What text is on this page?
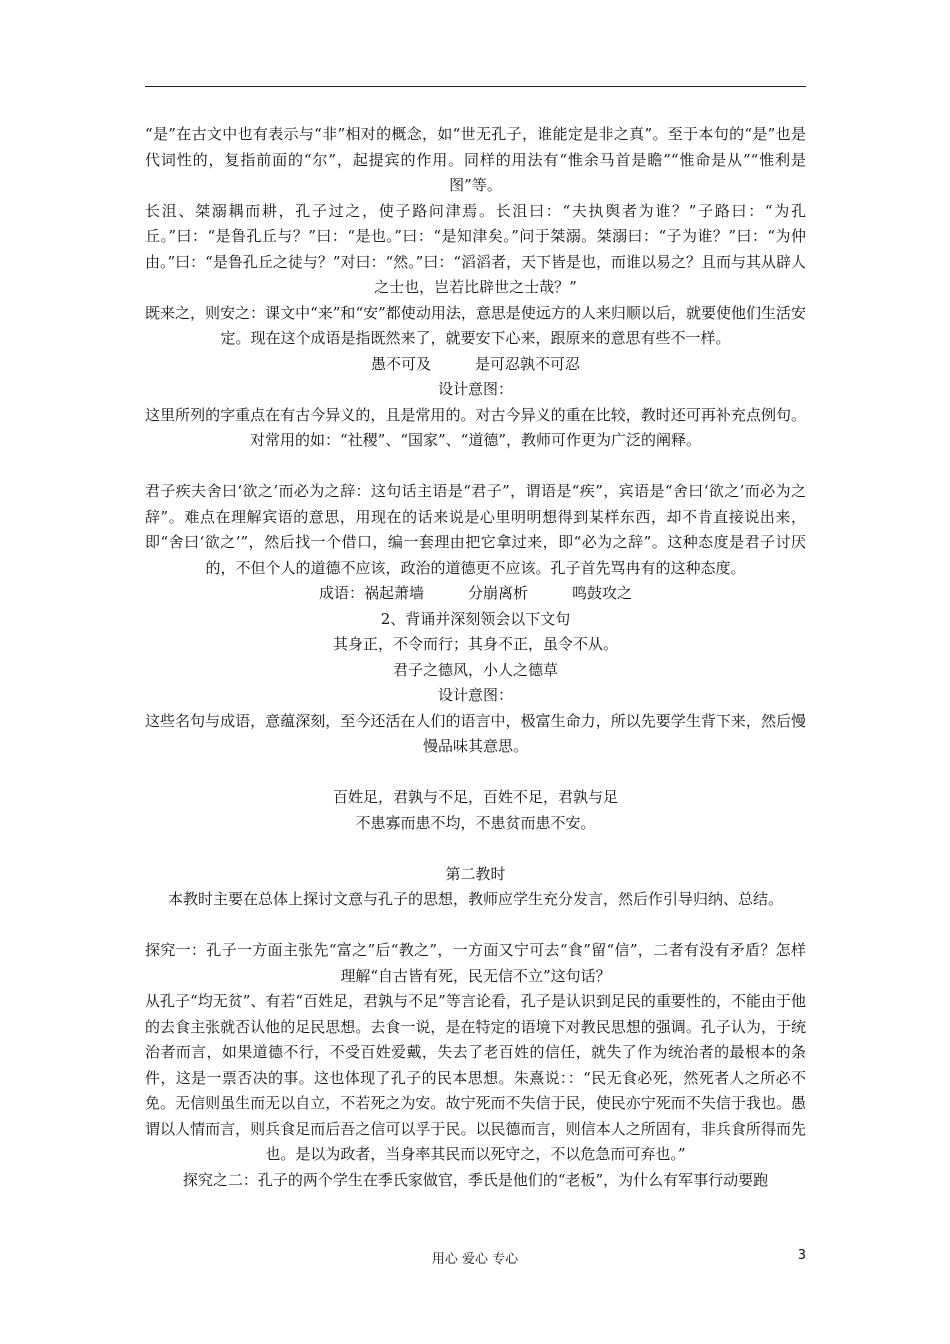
“是”在古文中也有表示与“非”相对的概念，如“世无孔子，谁能定是非之真”。至于本句的“是”也是代词性的，复指前面的“尔”，起提宾的作用。同样的用法有“惟余马首是瞻”“惟命是从”“惟利是图”等。

长沮、桀溺耦而耕，孔子过之，使子路问津焉。长沮曰：“夫执舆者为谁？”子路曰：“为孔丘。”曰：“是鲁孔丘与？”曰：“是也。”曰：“是知津矣。”问于桀溺。桀溺曰：“子为谁？”曰：“为仲由。”曰：“是鲁孔丘之徒与？”对曰：“然。”曰：“滔滔者，天下皆是也，而谁以易之？且而与其从辟人之士也，岂若比辟世之士哉？”

既来之，则安之：课文中“来”和“安”都使动用法，意思是使远方的人来归顺以后，就要使他们生活安定。现在这个成语是指既然来了，就要安下心来，跟原来的意思有些不一样。

愚不可及	是可忍孰不可忍

设计意图：

这里所列的字重点在有古今异义的，且是常用的。对古今异义的重在比较，教时还可再补充点例句。对常用的如：“社稷”、“国家”、“道德”，教师可作更为广泛的阐释。

君子疾夫舍曰‘欲之’而必为之辞：这句话主语是“君子”，谓语是“疾”，宾语是“舍曰‘欲之’而必为之辞”。难点在理解宾语的意思，用现在的话来说是心里明明想得到某样东西，却不肯直接说出来，即“舍曰‘欲之’”，然后找一个借口，编一套理由把它拿过来，即“必为之辞”。这种态度是君子讨厌的，不但个人的道德不应该，政治的道德更不应该。孔子首先骂冉有的这种态度。

成语：祸起萧墙	分崩离析	鸣鼓攻之

2、背诵并深刻领会以下文句

其身正，不令而行；其身不正，虽令不从。

君子之德风，小人之德草

设计意图：

这些名句与成语，意蕴深刻，至今还活在人们的语言中，极富生命力，所以先要学生背下来，然后慢慢品味其意思。

百姓足，君孰与不足，百姓不足，君孰与足

不患寡而患不均，不患贫而患不安。

第二教时

本教时主要在总体上探讨文意与孔子的思想，教师应学生充分发言，然后作引导归纳、总结。

探究一：孔子一方面主张先“富之”后“教之”，一方面又宁可去“食”留“信”，二者有没有矛盾？怎样理解“自古皆有死，民无信不立”这句话？

从孔子“均无贫”、有若“百姓足，君孰与不足”等言论看，孔子是认识到足民的重要性的，不能由于他的去食主张就否认他的足民思想。去食一说，是在特定的语境下对教民思想的强调。孔子认为，于统治者而言，如果道德不行，不受百姓爱戴，失去了老百姓的信任，就失了作为统治者的最根本的条件，这是一票否决的事。这也体现了孔子的民本思想。朱熹说：：“民无食必死，然死者人之所必不免。无信则虽生而无以自立，不若死之为安。故宁死而不失信于民，使民亦宁死而不失信于我也。愚谓以人情而言，则兵食足而后吾之信可以孚于民。以民德而言，则信本人之所固有，非兵食所得而先也。是以为政者，当身率其民而以死守之，不以危急而可弃也。”

探究之二：孔子的两个学生在季氏家做官，季氏是他们的“老板”，为什么有军事行动要跑

用心 爱心 专心	3
